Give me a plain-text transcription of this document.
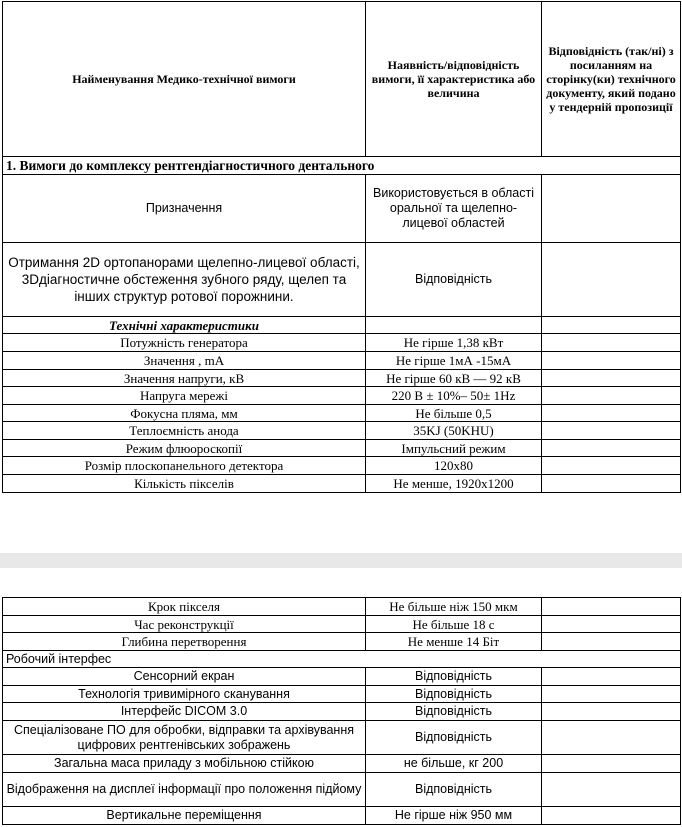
Найменування Медико-технічної вимоги	Наявність/відповідність вимоги, її характеристика або величина	Відповідність (так/ні) з посиланням на сторінку(ки) технічного документу, який подано у тендерній пропозиції
1. Вимоги до комплексу рентгендіагностичного дентального		
Призначення	Використовується в області оральної та щелепно-лицевої областей	
Отримання 2D ортопанорами щелепно-лицевої області, 3Dдіагностичне обстеження зубного ряду, щелеп та інших структур ротової порожнини.	Відповідність	
Технічні характеристики		
Потужність генератора	Не гірше 1,38 кВт	
Значення , mA	Не гірше 1мА -15мА	
Значення напруги, кВ	Не гірше 60 кВ — 92 кВ	
Напруга мережі	220 В ± 10%– 50± 1Hz	
Фокусна пляма, мм	Не більше 0,5	
Теплоємність анода	35KJ (50KHU)	
Режим флюороскопії	Імпульсний режим	
Розмір плоскопанельного детектора	120x80	
Кількість пікселів	Не менше, 1920x1200	
Крок пікселя	Не більше ніж 150 мкм	
Час реконструкції	Не більше 18 с	
Глибина перетворення	Не менше 14 Біт	
Робочий інтерфес		
Сенсорний екран	Відповідність	
Технологія тривимірного сканування	Відповідність	
Інтерфейс DICOM 3.0	Відповідність	
Спеціалізоване ПО для обробки, відправки та архівування цифрових рентгенівських зображень	Відповідність	
Загальна маса приладу з мобільною стійкою	не більше, кг 200	
Відображення на дисплеї інформації про положення підйому	Відповідність	
Вертикальне переміщення	Не гірше ніж 950 мм	
